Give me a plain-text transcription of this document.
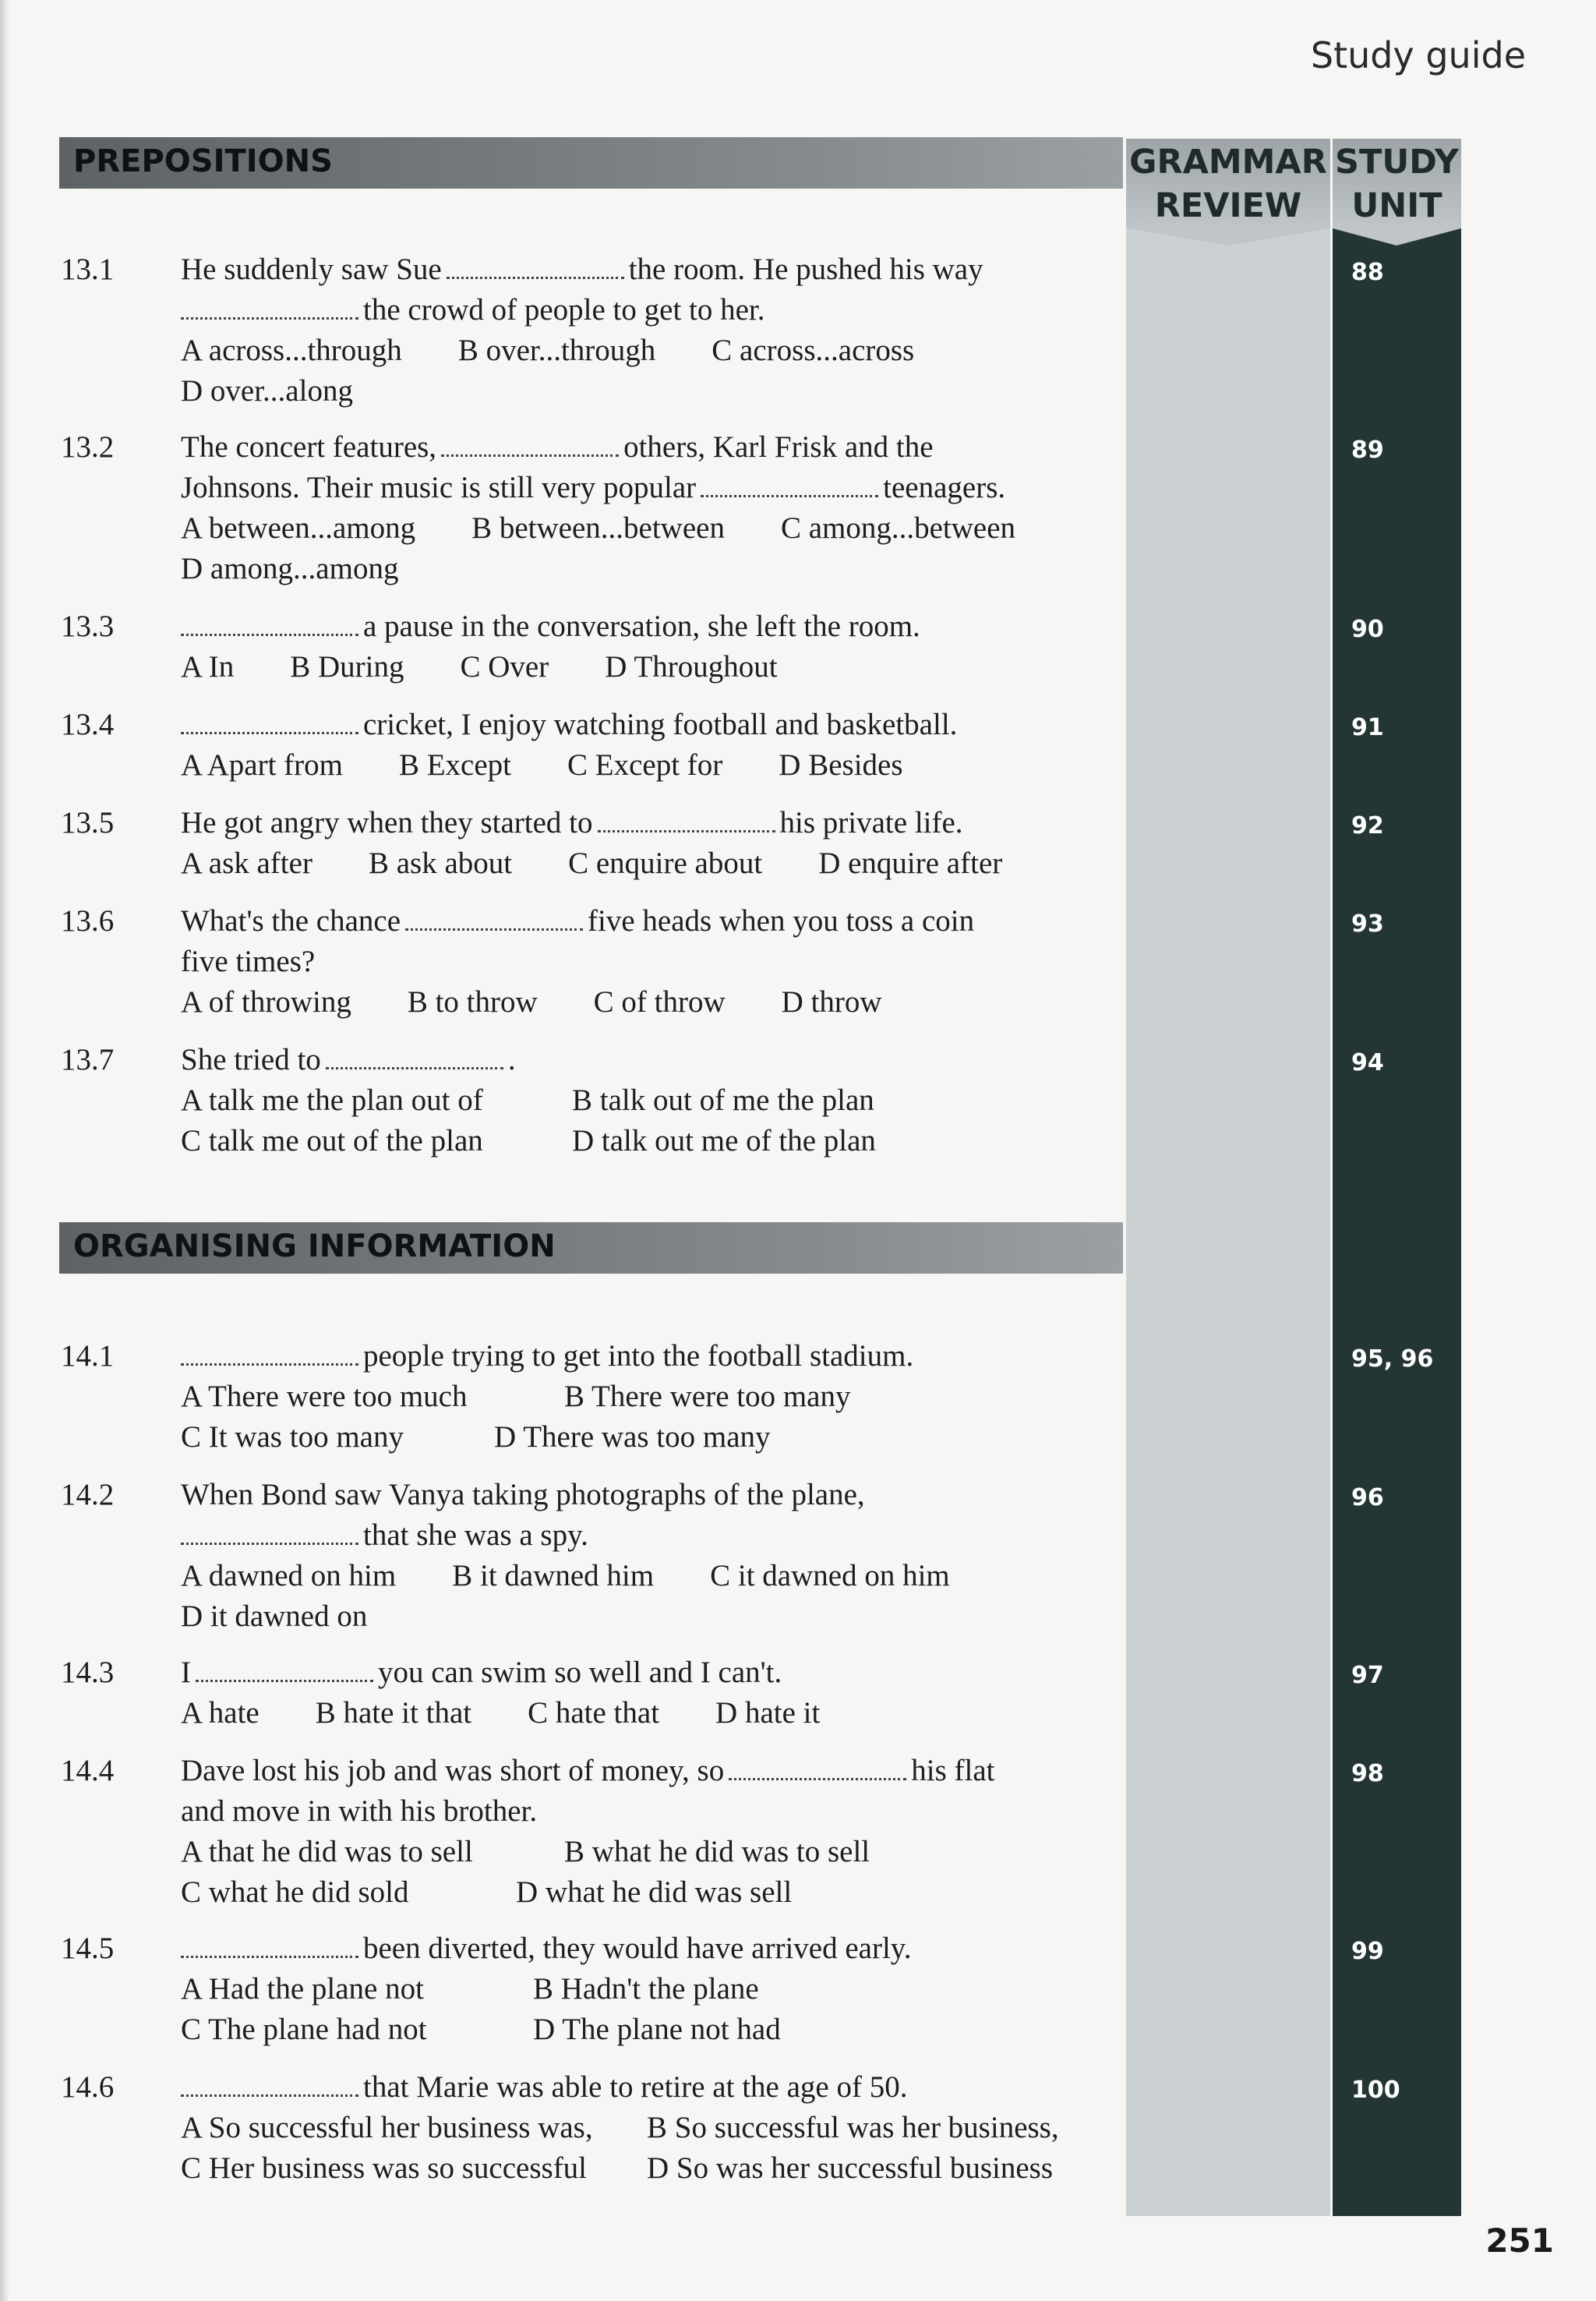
Study guide
GRAMMAR
REVIEW
STUDY
UNIT
PREPOSITIONS
13.1 He suddenly saw Sue	the room. He pushed his way
the crowd of people to get to her.
A across...through B over...through C across...across
D over...along
88
13.2 The concert features,	others, Karl Frisk and the
Johnsons. Their music is still very popular	teenagers.
A between...among B between...between C among...between
D among...among
89
13.3	a pause in the conversation, she left the room.
A In B During C Over D Throughout
90
13.4	cricket, I enjoy watching football and basketball.
A Apart from B Except C Except for D Besides
91
13.5 He got angry when they started to	his private life.
A ask after B ask about C enquire about D enquire after
92
13.6 What's the chance	five heads when you toss a coin
five times?
A of throwing B to throw C of throw D throw
93
13.7 She tried to	.
A talk me the plan out of	B talk out of me the plan
C talk me out of the plan	D talk out me of the plan
94
ORGANISING INFORMATION
14.1	people trying to get into the football stadium.
A There were too much	B There were too many
C It was too many	D There was too many
95, 96
14.2 When Bond saw Vanya taking photographs of the plane,
that she was a spy.
A dawned on him B it dawned him C it dawned on him
D it dawned on
96
14.3 I	you can swim so well and I can't.
A hate B hate it that C hate that D hate it
97
14.4 Dave lost his job and was short of money, so	his flat
and move in with his brother.
A that he did was to sell	B what he did was to sell
C what he did sold	D what he did was sell
98
14.5	been diverted, they would have arrived early.
A Had the plane not	B Hadn't the plane
C The plane had not	D The plane not had
99
14.6	that Marie was able to retire at the age of 50.
A So successful her business was, B So successful was her business,
C Her business was so successful D So was her successful business
100
251
